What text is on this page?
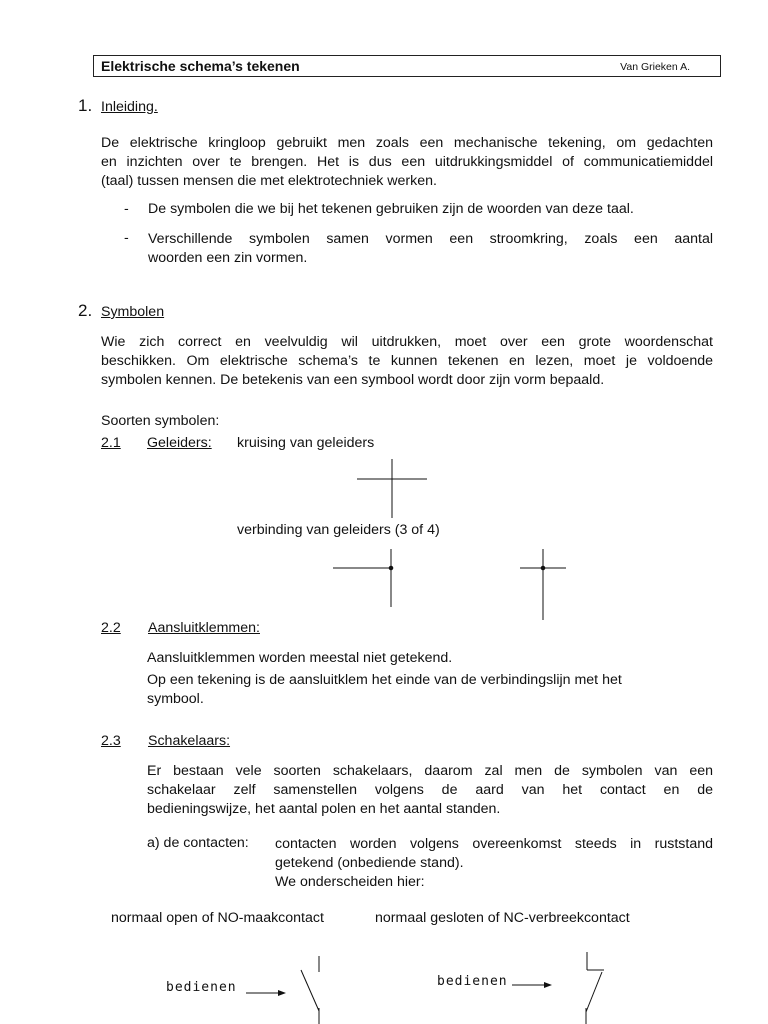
Elektrische schema’s tekenen	Van Grieken A.
1. Inleiding.
De elektrische kringloop gebruikt men zoals een mechanische tekening, om gedachten
en inzichten over te brengen. Het is dus een uitdrukkingsmiddel of communicatiemiddel
(taal) tussen mensen die met elektrotechniek werken.
- De symbolen die we bij het tekenen gebruiken zijn de woorden van deze taal.
- Verschillende symbolen samen vormen een stroomkring, zoals een aantal
woorden een zin vormen.
2. Symbolen
Wie zich correct en veelvuldig wil uitdrukken, moet over een grote woordenschat
beschikken. Om elektrische schema’s te kunnen tekenen en lezen, moet je voldoende
symbolen kennen. De betekenis van een symbool wordt door zijn vorm bepaald.
Soorten symbolen:
2.1 Geleiders: kruising van geleiders
verbinding van geleiders (3 of 4)
2.2 Aansluitklemmen:
Aansluitklemmen worden meestal niet getekend.
Op een tekening is de aansluitklem het einde van de verbindingslijn met het
symbool.
2.3 Schakelaars:
Er bestaan vele soorten schakelaars, daarom zal men de symbolen van een
schakelaar zelf samenstellen volgens de aard van het contact en de
bedieningswijze, het aantal polen en het aantal standen.
a) de contacten: contacten worden volgens overeenkomst steeds in ruststand
getekend (onbediende stand).
We onderscheiden hier:
normaal open of NO-maakcontact	normaal gesloten of NC-verbreekcontact
bedienen	bedienen
